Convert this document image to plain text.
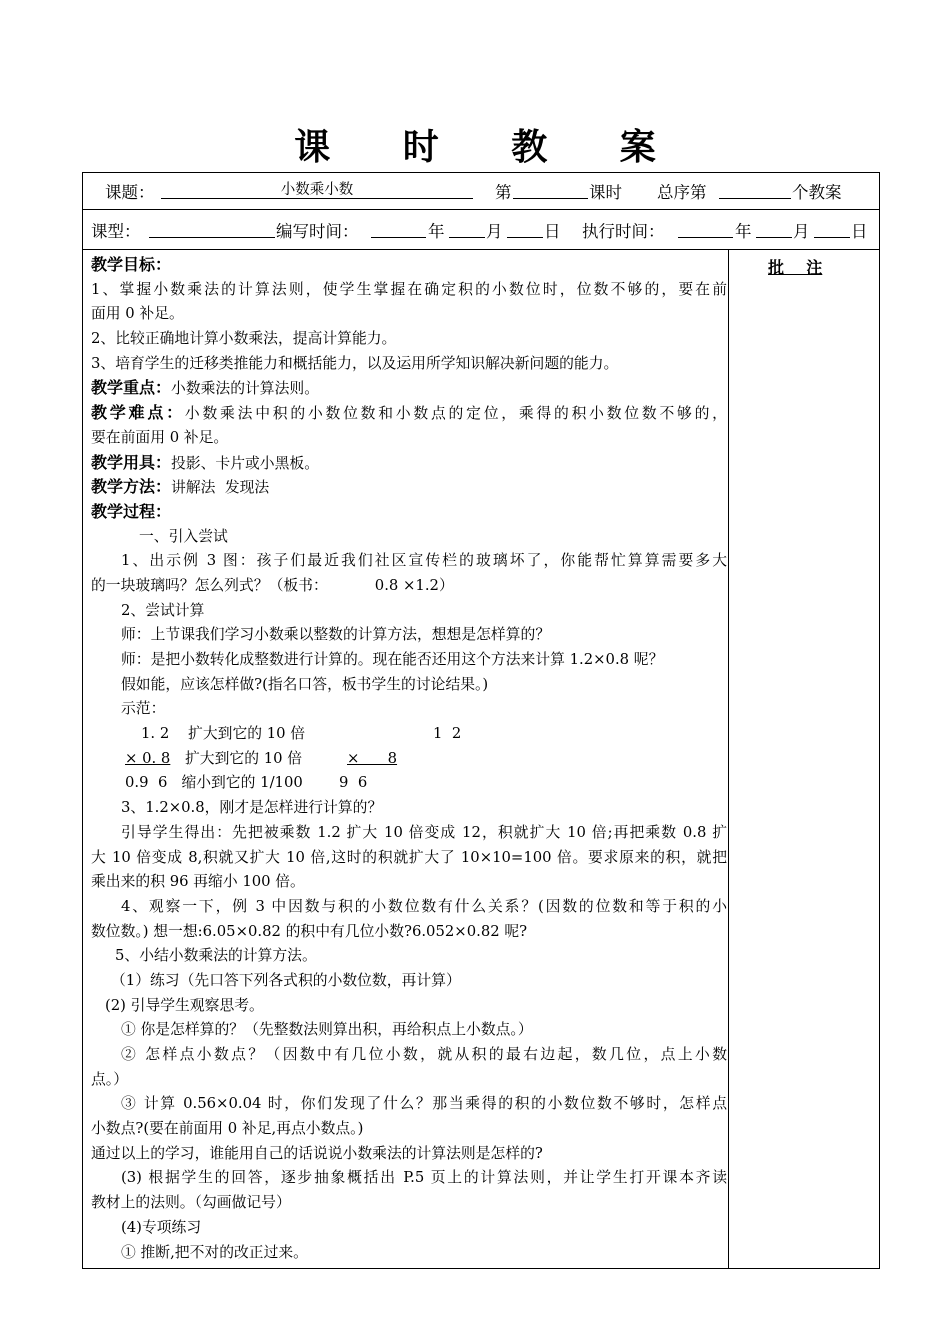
课 时 教 案
课题：	小数乘小数	第	课时 总序第	个教案
课型：	编写时间：	年	月	日 执行时间：	年	月	日
批    注
教学目标：
1、掌握小数乘法的计算法则，使学生掌握在确定积的小数位时，位数不够的，要在前
面用 0 补足。
2、比较正确地计算小数乘法，提高计算能力。
3、培育学生的迁移类推能力和概括能力，以及运用所学知识解决新问题的能力。
教学重点：小数乘法的计算法则。
教学难点：小数乘法中积的小数位数和小数点的定位，乘得的积小数位数不够的，
要在前面用 0 补足。
教学用具：投影、卡片或小黑板。
教学方法：讲解法  发现法
教学过程：
一、引入尝试
1、出示例 3 图：孩子们最近我们社区宣传栏的玻璃坏了，你能帮忙算算需要多大
的一块玻璃吗？怎么列式？（板书：          0.8 ×1.2）
2、尝试计算
师：上节课我们学习小数乘以整数的计算方法，想想是怎样算的？
师：是把小数转化成整数进行计算的。现在能否还用这个方法来计算 1.2×0.8 呢？
假如能，应该怎样做?(指名口答，板书学生的讨论结果。)
示范：
1. 2    扩大到它的 10 倍	1  2
× 0. 8 扩大到它的 10 倍	×      8
0.9  6   缩小到它的 1/100 9  6
3、1.2×0.8，刚才是怎样进行计算的？
引导学生得出：先把被乘数 1.2 扩大 10 倍变成 12，积就扩大 10 倍;再把乘数 0.8 扩
大 10 倍变成 8,积就又扩大 10 倍,这时的积就扩大了 10×10=100 倍。要求原来的积，就把
乘出来的积 96 再缩小 100 倍。
4、观察一下，例 3 中因数与积的小数位数有什么关系？(因数的位数和等于积的小
数位数。) 想一想:6.05×0.82 的积中有几位小数?6.052×0.82 呢?
5、小结小数乘法的计算方法。
（1）练习（先口答下列各式积的小数位数，再计算）
(2) 引导学生观察思考。
① 你是怎样算的？（先整数法则算出积，再给积点上小数点。）
② 怎样点小数点？（因数中有几位小数，就从积的最右边起，数几位，点上小数
点。）
③ 计算 0.56×0.04 时，你们发现了什么？那当乘得的积的小数位数不够时，怎样点
小数点?(要在前面用 0 补足,再点小数点。)
通过以上的学习，谁能用自己的话说说小数乘法的计算法则是怎样的?
(3) 根据学生的回答，逐步抽象概括出 P.5 页上的计算法则，并让学生打开课本齐读
教材上的法则。（勾画做记号）
(4)专项练习
① 推断,把不对的改正过来。
